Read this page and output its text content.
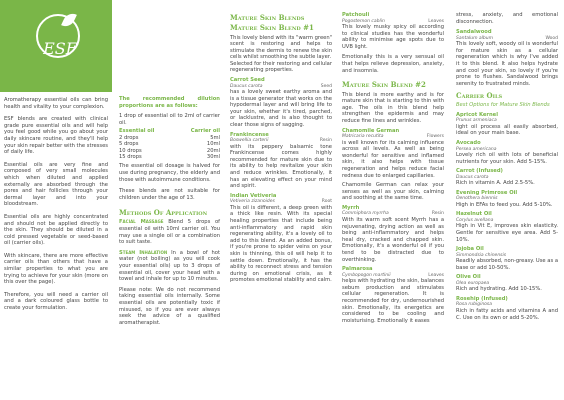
ESF

Aromatherapy essential oils can bring health and vitality to your complexion.

ESF blends are created with clinical grade pure essential oils and will help you feel good while you go about your daily skincare routine, and they'll help your skin repair better with the stresses of daily life.

Essential oils are very fine and composed of very small molecules which when diluted and applied externally are absorbed through the pores and hair follicles through your dermal layer and into your bloodstream.

Essential oils are highly concentrated and should not be applied directly to the skin. They should be diluted in a cold pressed vegetable or seed-based oil (carrier oils).

With skincare, there are more effective carrier oils than others that have a similar properties to what you are trying to achieve for your skin (more on this over the page).

Therefore, you will need a carrier oil and a dark coloured glass bottle to create your formulation.

The recommended dilution proportions are as follows:

1 drop of essential oil to 2ml of carrier oil.

Essential oil	Carrier oil
2 drops	5ml
5 drops	10ml
10 drops	20ml
15 drops	30ml

The essential oil dosage is halved for use during pregnancy, the elderly and those with autoimmune conditions.

These blends are not suitable for children under the age of 13.

Methods Of Application

Facial Massage Blend 5 drops of essential oil with 10ml carrier oil. You may use a single oil or a combination to suit taste.

Steam Inhalation In a bowl of hot water (not boiling) as you will cook your essential oils) up to 3 drops of essential oil, cover your head with a towel and inhale for up to 10 minutes.

Please note: We do not recommend taking essential oils internally. Some essential oils are potentially toxic if misused, so if you are ever always seek the advice of a qualified aromatherapist.

Mature Skin Blends
Mature Skin Blend #1

This lovely blend with its "warm green" scent is restoring and helps to stimulate the dermis to renew the skin cells whilst smoothing the subtle layer.

Selected for their restoring and cellular regenerating properties.

Carrot Seed
Daucus carota	Seed

has a lovely sweet earthy aroma and is a tissue generator that works on the hypodermal layer and will bring life to your skin, whether it's tired, parched, or lacklustre, and is also thought to clear those signs of sagging.

Frankincense
Boswellia carterii	Resin

with its peppery balsamic tone Frankincense comes highly recommended for mature skin due to its ability to help revitalize your skin and reduce wrinkles. Emotionally, it has an elevating effect on your mind and spirit.

Indian Vetiveria
Vetiveria zizanoides	Root

This oil is different, a deep green with a thick like resin. With its special healing properties that include being anti-inflammatory and rapid skin regenerating ability, it's a lovely oil to add to this blend. As an added bonus, if you're prone to spider veins on your skin is thinning, this oil will help it to settle down. Emotionally, it has the ability to reconnect stress and tension during on emotional crisis, as it promotes emotional stability and calm.

Patchouli
Pogostemon cablin	Leaves

This lovely musky spicy oil according to clinical studies has the wonderful ability to minimise age spots due to UVB light.

Emotionally this is a very sensual oil that helps relieve depression, anxiety, and insomnia.

Mature Skin Blend #2

This blend is more earthy and is for mature skin that is starting to thin with age. The oils in this blend help strengthen the epidermis and may reduce fine lines and wrinkles.

Chamomile German
Matricaria recutita	Flowers

is well known for its calming influence across all levels. As well as being wonderful for sensitive and inflamed skin, it also helps with tissue regeneration and helps reduce facial redness due to enlarged capillaries.

Chamomile German can relax your senses as well as your skin, calming and soothing at the same time.

Myrrh
Commiphora myrrha	Resin

With its warm soft scent Myrrh has a rejuvenating, drying action as well as being anti-inflammatory and helps heal dry, cracked and chapped skin. Emotionally, it's a wonderful oil if you tend to be distracted due to overthinking.

Palmarosa
Cymbopogon martinii	Leaves

helps with hydrating the skin, balances sebum production and stimulates cellular regeneration. It is recommended for dry, undernourished skin. Emotionally, its energetics are considered to be cooling and moisturising. Emotionally it eases

stress, anxiety, and emotional disconnection.

Sandalwood
Santalum album	Wood

This lovely soft, woody oil is wonderful for mature skin as a cellular regeneration which is why I've added it to this blend. It also helps hydrate and cool your skin, so lovely if you're prone to flushes. Sandalwood brings serenity to frustrated minds.

Carrier Oils
Best Options for Mature Skin Blends
Apricot Kernel
Prunus armeniaca

light oil process all easily absorbed, ideal on your main base.

Avocado
Persea americana

Lovely rich oil with lots of beneficial nutrients for your skin. Add 5-15%.

Carrot (Infused)
Daucus carota

Rich in vitamin A. Add 2.5-5%.

Evening Primrose Oil
Oenothera biennis

High in EFAs to feed you. Add 5-10%.

Hazelnut Oil
Corylus avellana

High in Vit E, improves skin elasticity. Gentle for sensitive eye area. Add 5-10%.

Jojoba Oil
Simmondsia chinensis

Readily absorbed, non-greasy. Use as a base or add 10-50%.

Olive Oil
Olea europaea

Rich and hydrating. Add 10-15%.

Rosehip (Infused)
Rosa rubiginosa

Rich in fatty acids and vitamins A and C. Use on its own or add 5-20%.
